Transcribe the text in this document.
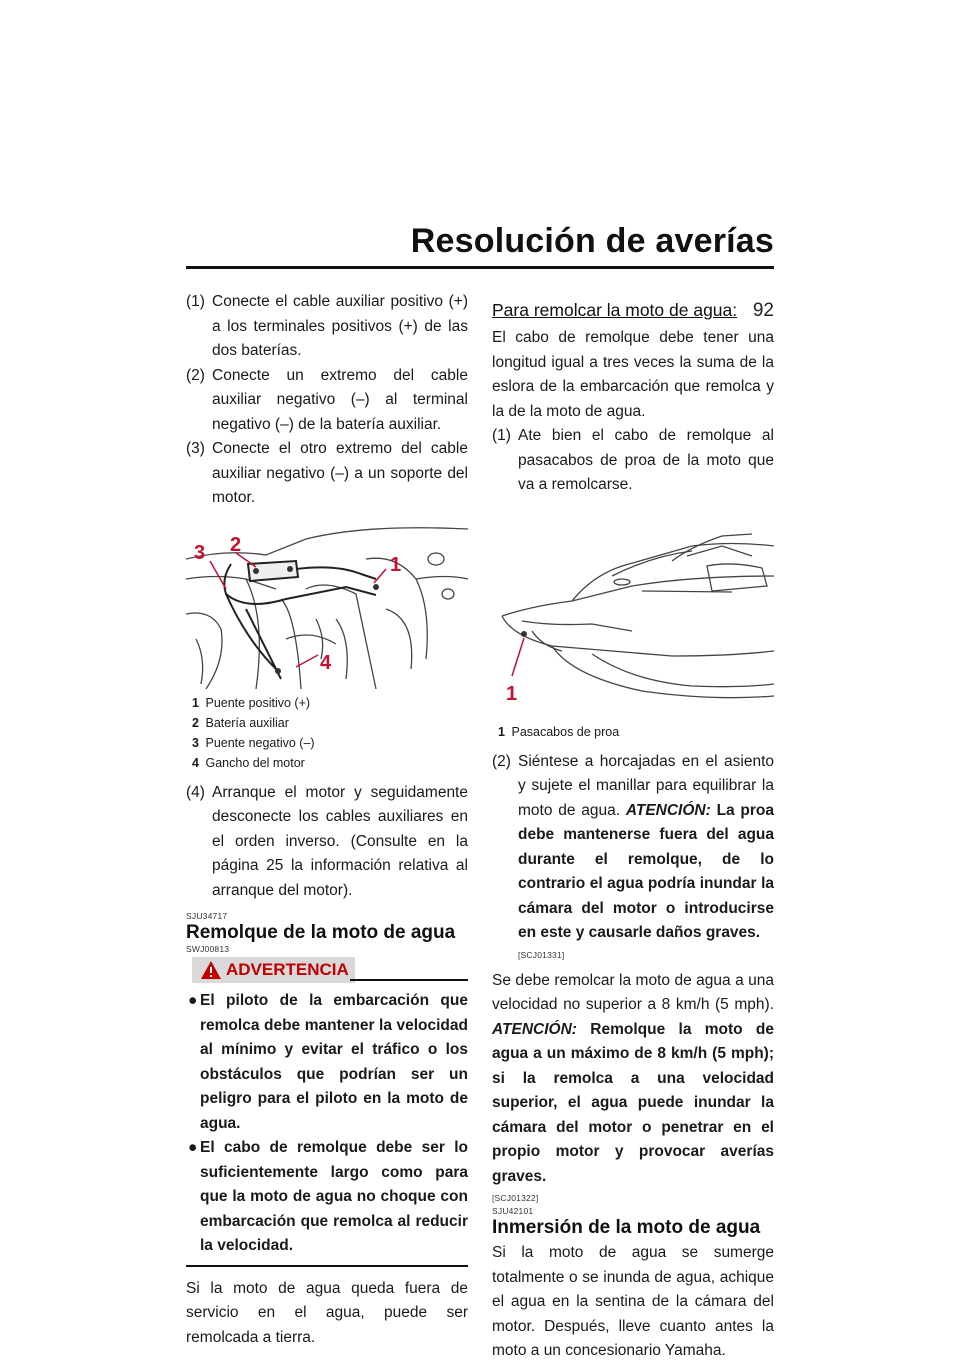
Resolución de averías
92

(1) Conecte el cable auxiliar positivo (+) a los terminales positivos (+) de las dos baterías.

(2) Conecte un extremo del cable auxiliar negativo (–) al terminal negativo (–) de la batería auxiliar.

(3) Conecte el otro extremo del cable auxiliar negativo (–) a un soporte del motor.

3 2
1
4
1 Puente positivo (+)
2 Batería auxiliar
3 Puente negativo (–)
4 Gancho del motor

(4) Arranque el motor y seguidamente desconecte los cables auxiliares en el orden inverso. (Consulte en la página 25 la información relativa al arranque del motor).

SJU34717
Remolque de la moto de agua
SWJ00813
ADVERTENCIA
● El piloto de la embarcación que remolca debe mantener la velocidad al mínimo y evitar el tráfico o los obstáculos que podrían ser un peligro para el piloto en la moto de agua.
● El cabo de remolque debe ser lo suficientemente largo como para que la moto de agua no choque con embarcación que remolca al reducir la velocidad.

Si la moto de agua queda fuera de servicio en el agua, puede ser remolcada a tierra.

Para remolcar la moto de agua:

El cabo de remolque debe tener una longitud igual a tres veces la suma de la eslora de la embarcación que remolca y la de la moto de agua.

(1) Ate bien el cabo de remolque al pasacabos de proa de la moto que va a remolcarse.

1
1 Pasacabos de proa

(2) Siéntese a horcajadas en el asiento y sujete el manillar para equilibrar la moto de agua. ATENCIÓN: La proa debe mantenerse fuera del agua durante el remolque, de lo contrario el agua podría inundar la cámara del motor o introducirse en este y causarle daños graves.

[SCJ01331]

Se debe remolcar la moto de agua a una velocidad no superior a 8 km/h (5 mph). ATENCIÓN: Remolque la moto de agua a un máximo de 8 km/h (5 mph); si la remolca a una velocidad superior, el agua puede inundar la cámara del motor o penetrar en el propio motor y provocar averías graves.

[SCJ01322]
SJU42101
Inmersión de la moto de agua

Si la moto de agua se sumerge totalmente o se inunda de agua, achique el agua en la sentina de la cámara del motor. Después, lleve cuanto antes la moto a un concesionario Yamaha.
